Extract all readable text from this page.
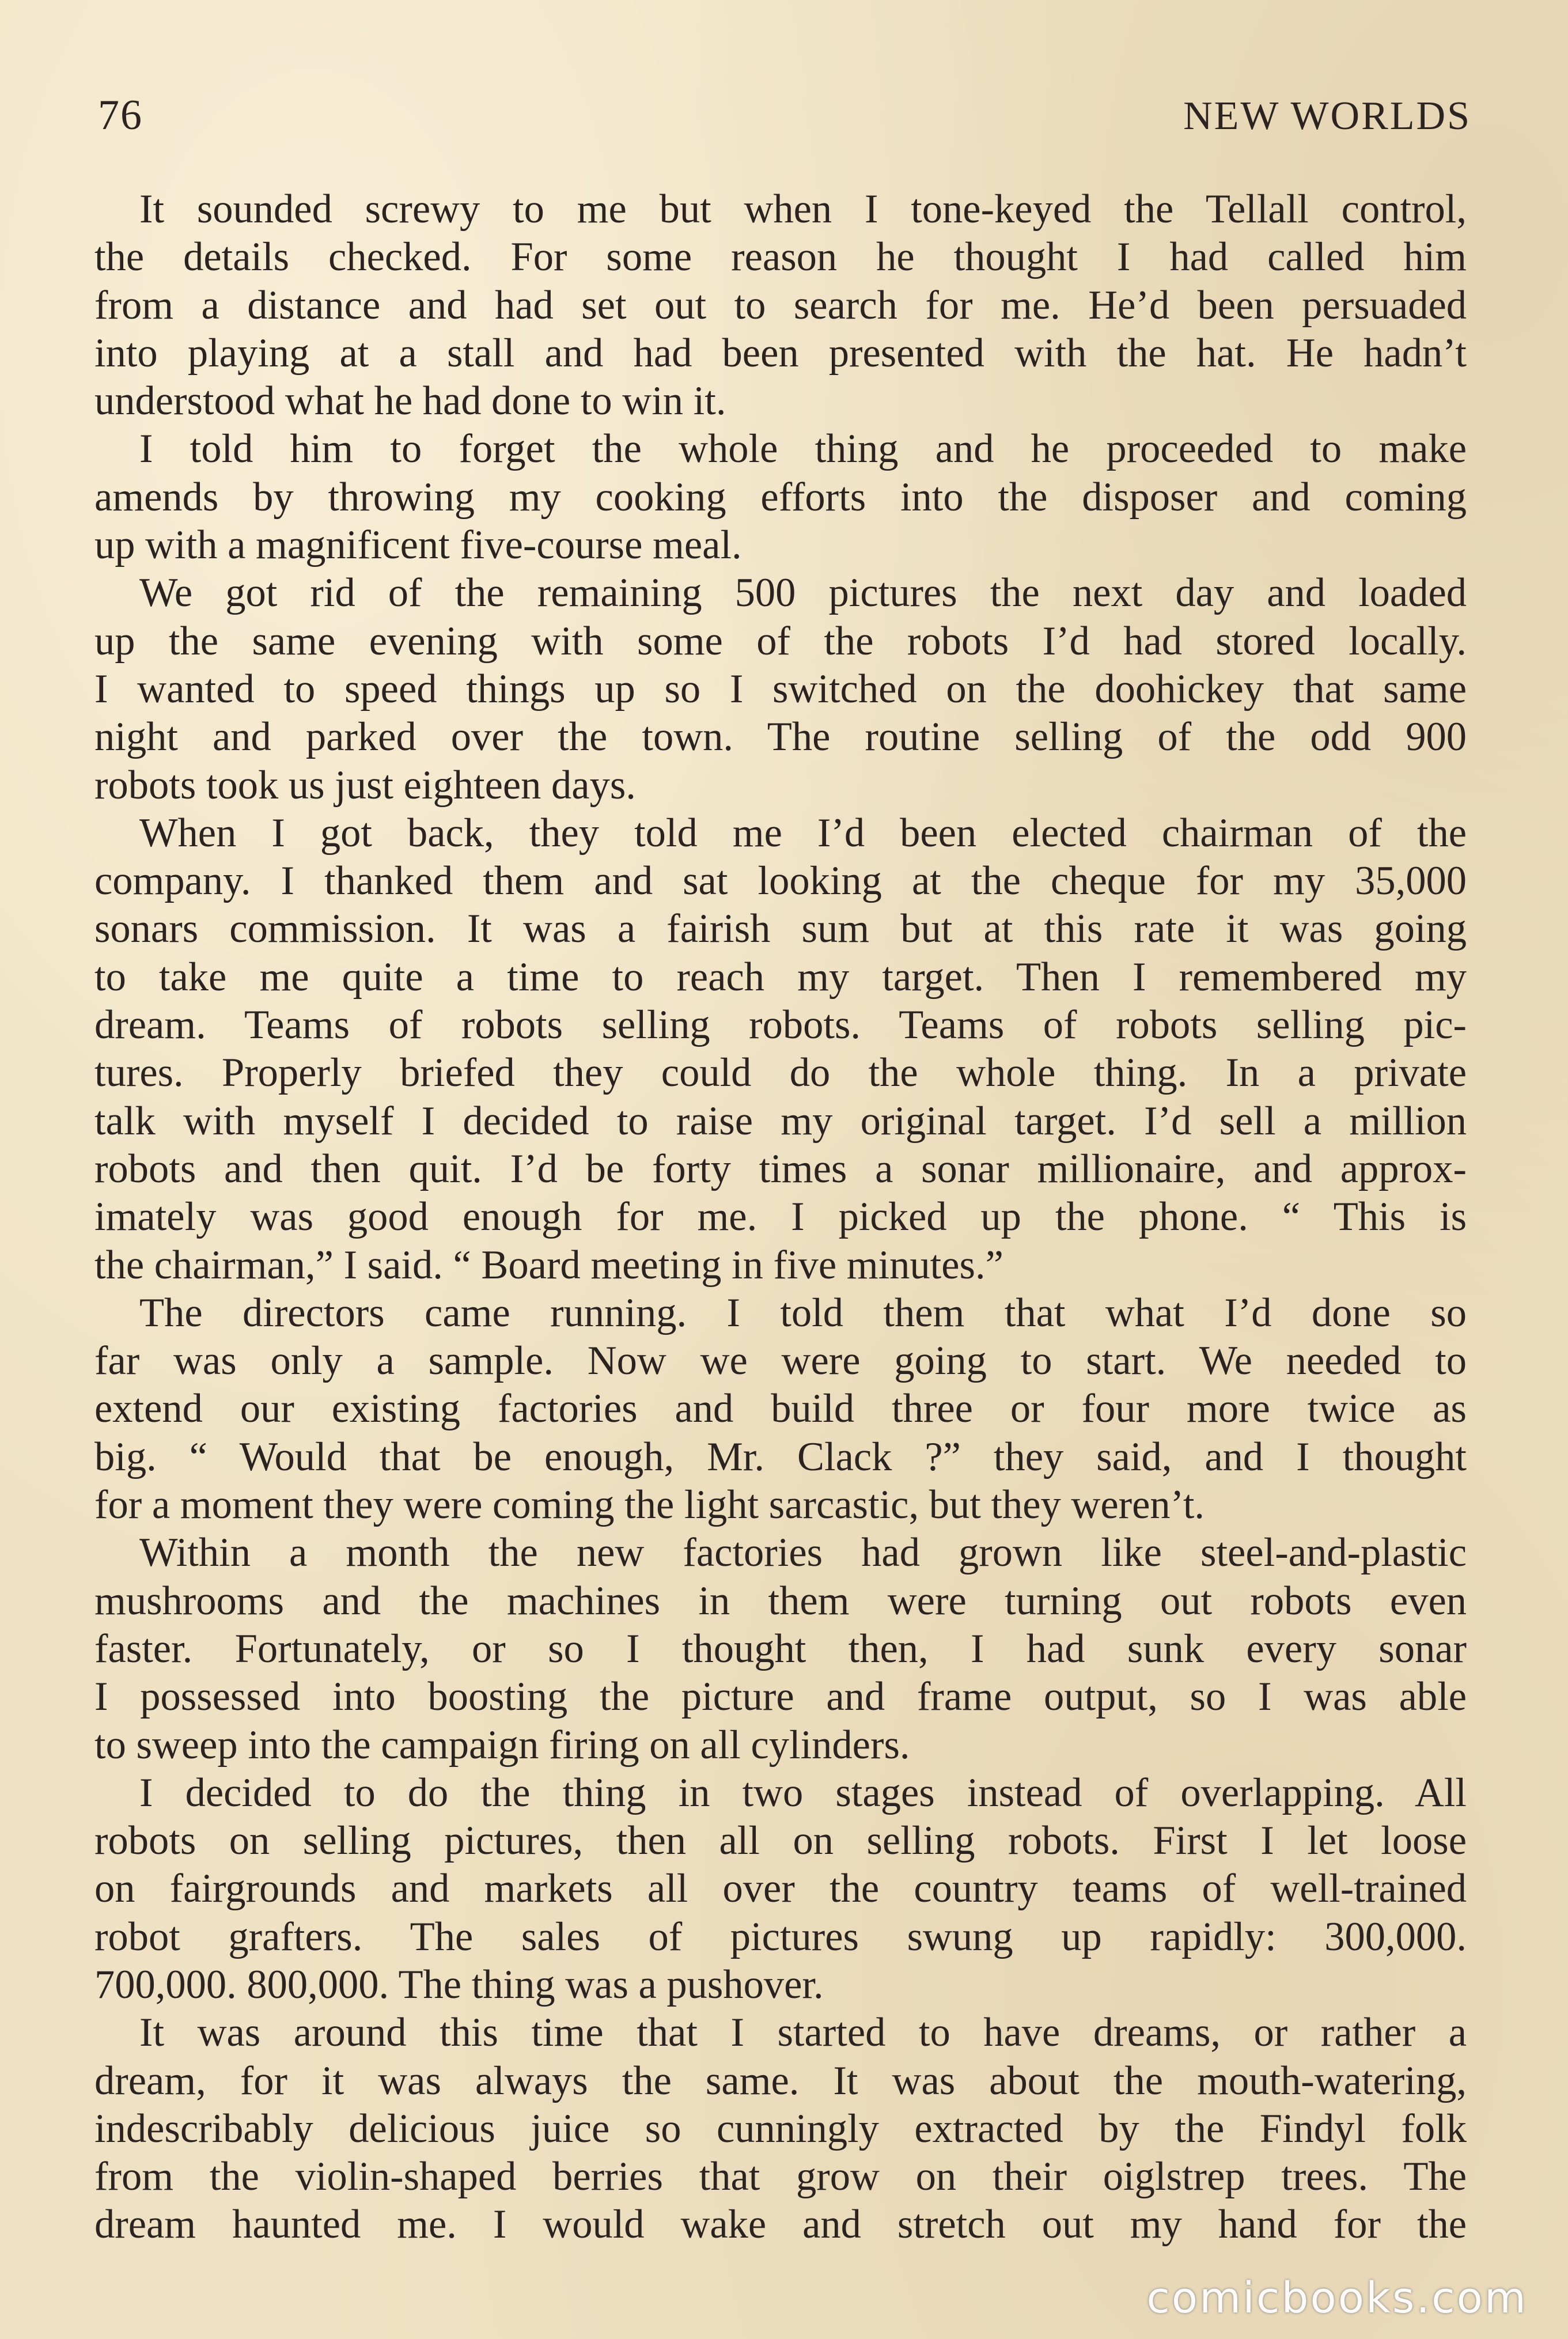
76	NEW WORLDS

It sounded screwy to me but when I tone-keyed the Tellall control,
the details checked. For some reason he thought I had called him
from a distance and had set out to search for me. He’d been persuaded
into playing at a stall and had been presented with the hat. He hadn’t
understood what he had done to win it.

I told him to forget the whole thing and he proceeded to make
amends by throwing my cooking efforts into the disposer and coming
up with a magnificent five-course meal.

We got rid of the remaining 500 pictures the next day and loaded
up the same evening with some of the robots I’d had stored locally.
I wanted to speed things up so I switched on the doohickey that same
night and parked over the town. The routine selling of the odd 900
robots took us just eighteen days.

When I got back, they told me I’d been elected chairman of the
company. I thanked them and sat looking at the cheque for my 35,000
sonars commission. It was a fairish sum but at this rate it was going
to take me quite a time to reach my target. Then I remembered my
dream. Teams of robots selling robots. Teams of robots selling pic-
tures. Properly briefed they could do the whole thing. In a private
talk with myself I decided to raise my original target. I’d sell a million
robots and then quit. I’d be forty times a sonar millionaire, and approx-
imately was good enough for me. I picked up the phone. “ This is
the chairman,” I said. “ Board meeting in five minutes.”

The directors came running. I told them that what I’d done so
far was only a sample. Now we were going to start. We needed to
extend our existing factories and build three or four more twice as
big. “ Would that be enough, Mr. Clack ?” they said, and I thought
for a moment they were coming the light sarcastic, but they weren’t.

Within a month the new factories had grown like steel-and-plastic
mushrooms and the machines in them were turning out robots even
faster. Fortunately, or so I thought then, I had sunk every sonar
I possessed into boosting the picture and frame output, so I was able
to sweep into the campaign firing on all cylinders.

I decided to do the thing in two stages instead of overlapping. All
robots on selling pictures, then all on selling robots. First I let loose
on fairgrounds and markets all over the country teams of well-trained
robot grafters. The sales of pictures swung up rapidly: 300,000.
700,000. 800,000. The thing was a pushover.

It was around this time that I started to have dreams, or rather a
dream, for it was always the same. It was about the mouth-watering,
indescribably delicious juice so cunningly extracted by the Findyl folk
from the violin-shaped berries that grow on their oiglstrep trees. The
dream haunted me. I would wake and stretch out my hand for the

comicbooks.com
